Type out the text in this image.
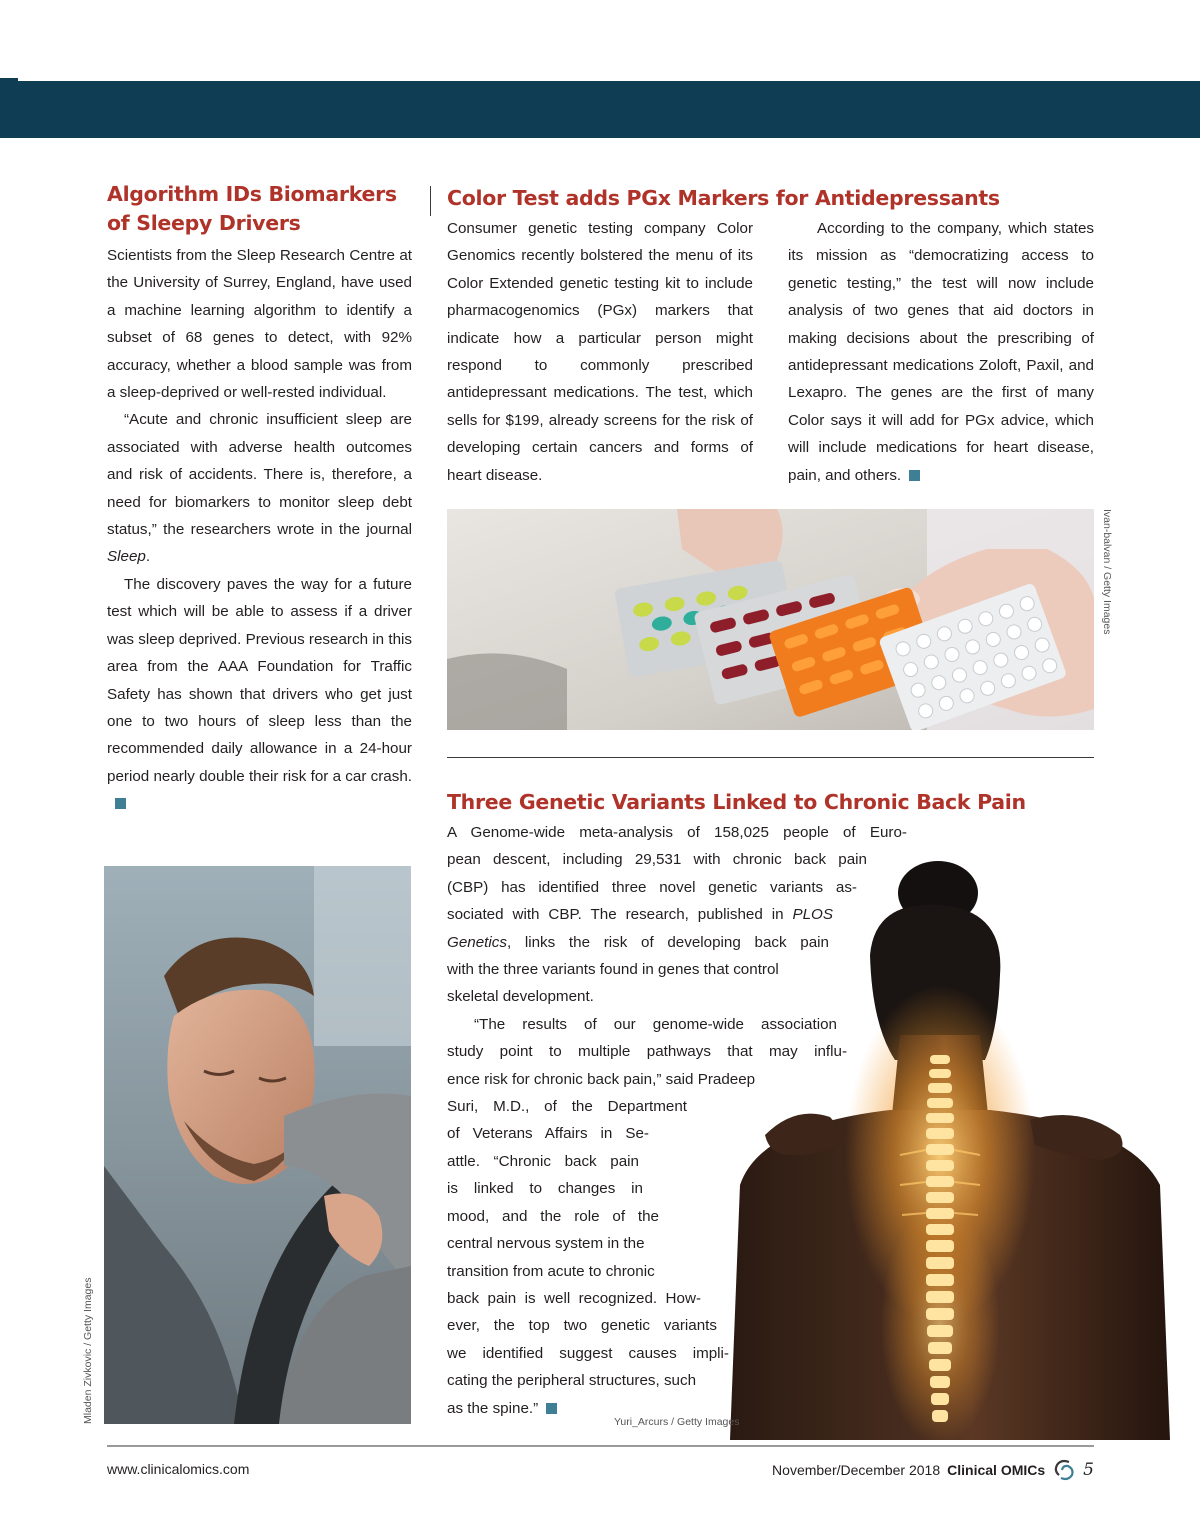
Algorithm IDs Biomarkers of Sleepy Drivers

Scientists from the Sleep Research Centre at the University of Surrey, England, have used a machine learning algorithm to identify a subset of 68 genes to detect, with 92% accuracy, whether a blood sample was from a sleep-deprived or well-rested individual.

“Acute and chronic insufficient sleep are associated with adverse health outcomes and risk of accidents. There is, therefore, a need for biomarkers to monitor sleep debt status,” the researchers wrote in the journal Sleep.

The discovery paves the way for a future test which will be able to assess if a driver was sleep deprived. Previous research in this area from the AAA Foundation for Traffic Safety has shown that drivers who get just one to two hours of sleep less than the recommended daily allowance in a 24-hour period nearly double their risk for a car crash.

Color Test adds PGx Markers for Antidepressants

Consumer genetic testing company Color Genomics recently bolstered the menu of its Color Extended genetic testing kit to include pharmacogenomics (PGx) markers that indicate how a particular person might respond to commonly prescribed antidepressant medications. The test, which sells for $199, already screens for the risk of developing certain cancers and forms of heart disease.

According to the company, which states its mission as “democratizing access to genetic testing,” the test will now include analysis of two genes that aid doctors in making decisions about the prescribing of antidepressant medications Zoloft, Paxil, and Lexapro. The genes are the first of many Color says it will add for PGx advice, which will include medications for heart disease, pain, and others.

Ivan-balvan / Getty Images
Three Genetic Variants Linked to Chronic Back Pain
A Genome-wide meta-analysis of 158,025 people of Euro-
pean descent, including 29,531 with chronic back pain
(CBP) has identified three novel genetic variants as-
sociated with CBP. The research, published in PLOS
Genetics, links the risk of developing back pain
with the three variants found in genes that control
skeletal development.
“The results of our genome-wide association
study point to multiple pathways that may influ-
ence risk for chronic back pain,” said Pradeep
Suri, M.D., of the Department
of Veterans Affairs in Se-
attle. “Chronic back pain
is linked to changes in
mood, and the role of the
central nervous system in the
transition from acute to chronic
back pain is well recognized. How-
ever, the top two genetic variants
we identified suggest causes impli-
cating the peripheral structures, such
as the spine.”
Yuri_Arcurs / Getty Images
Mladen Zivkovic / Getty Images
www.clinicalomics.com	November/December 2018 Clinical OMICs 5
